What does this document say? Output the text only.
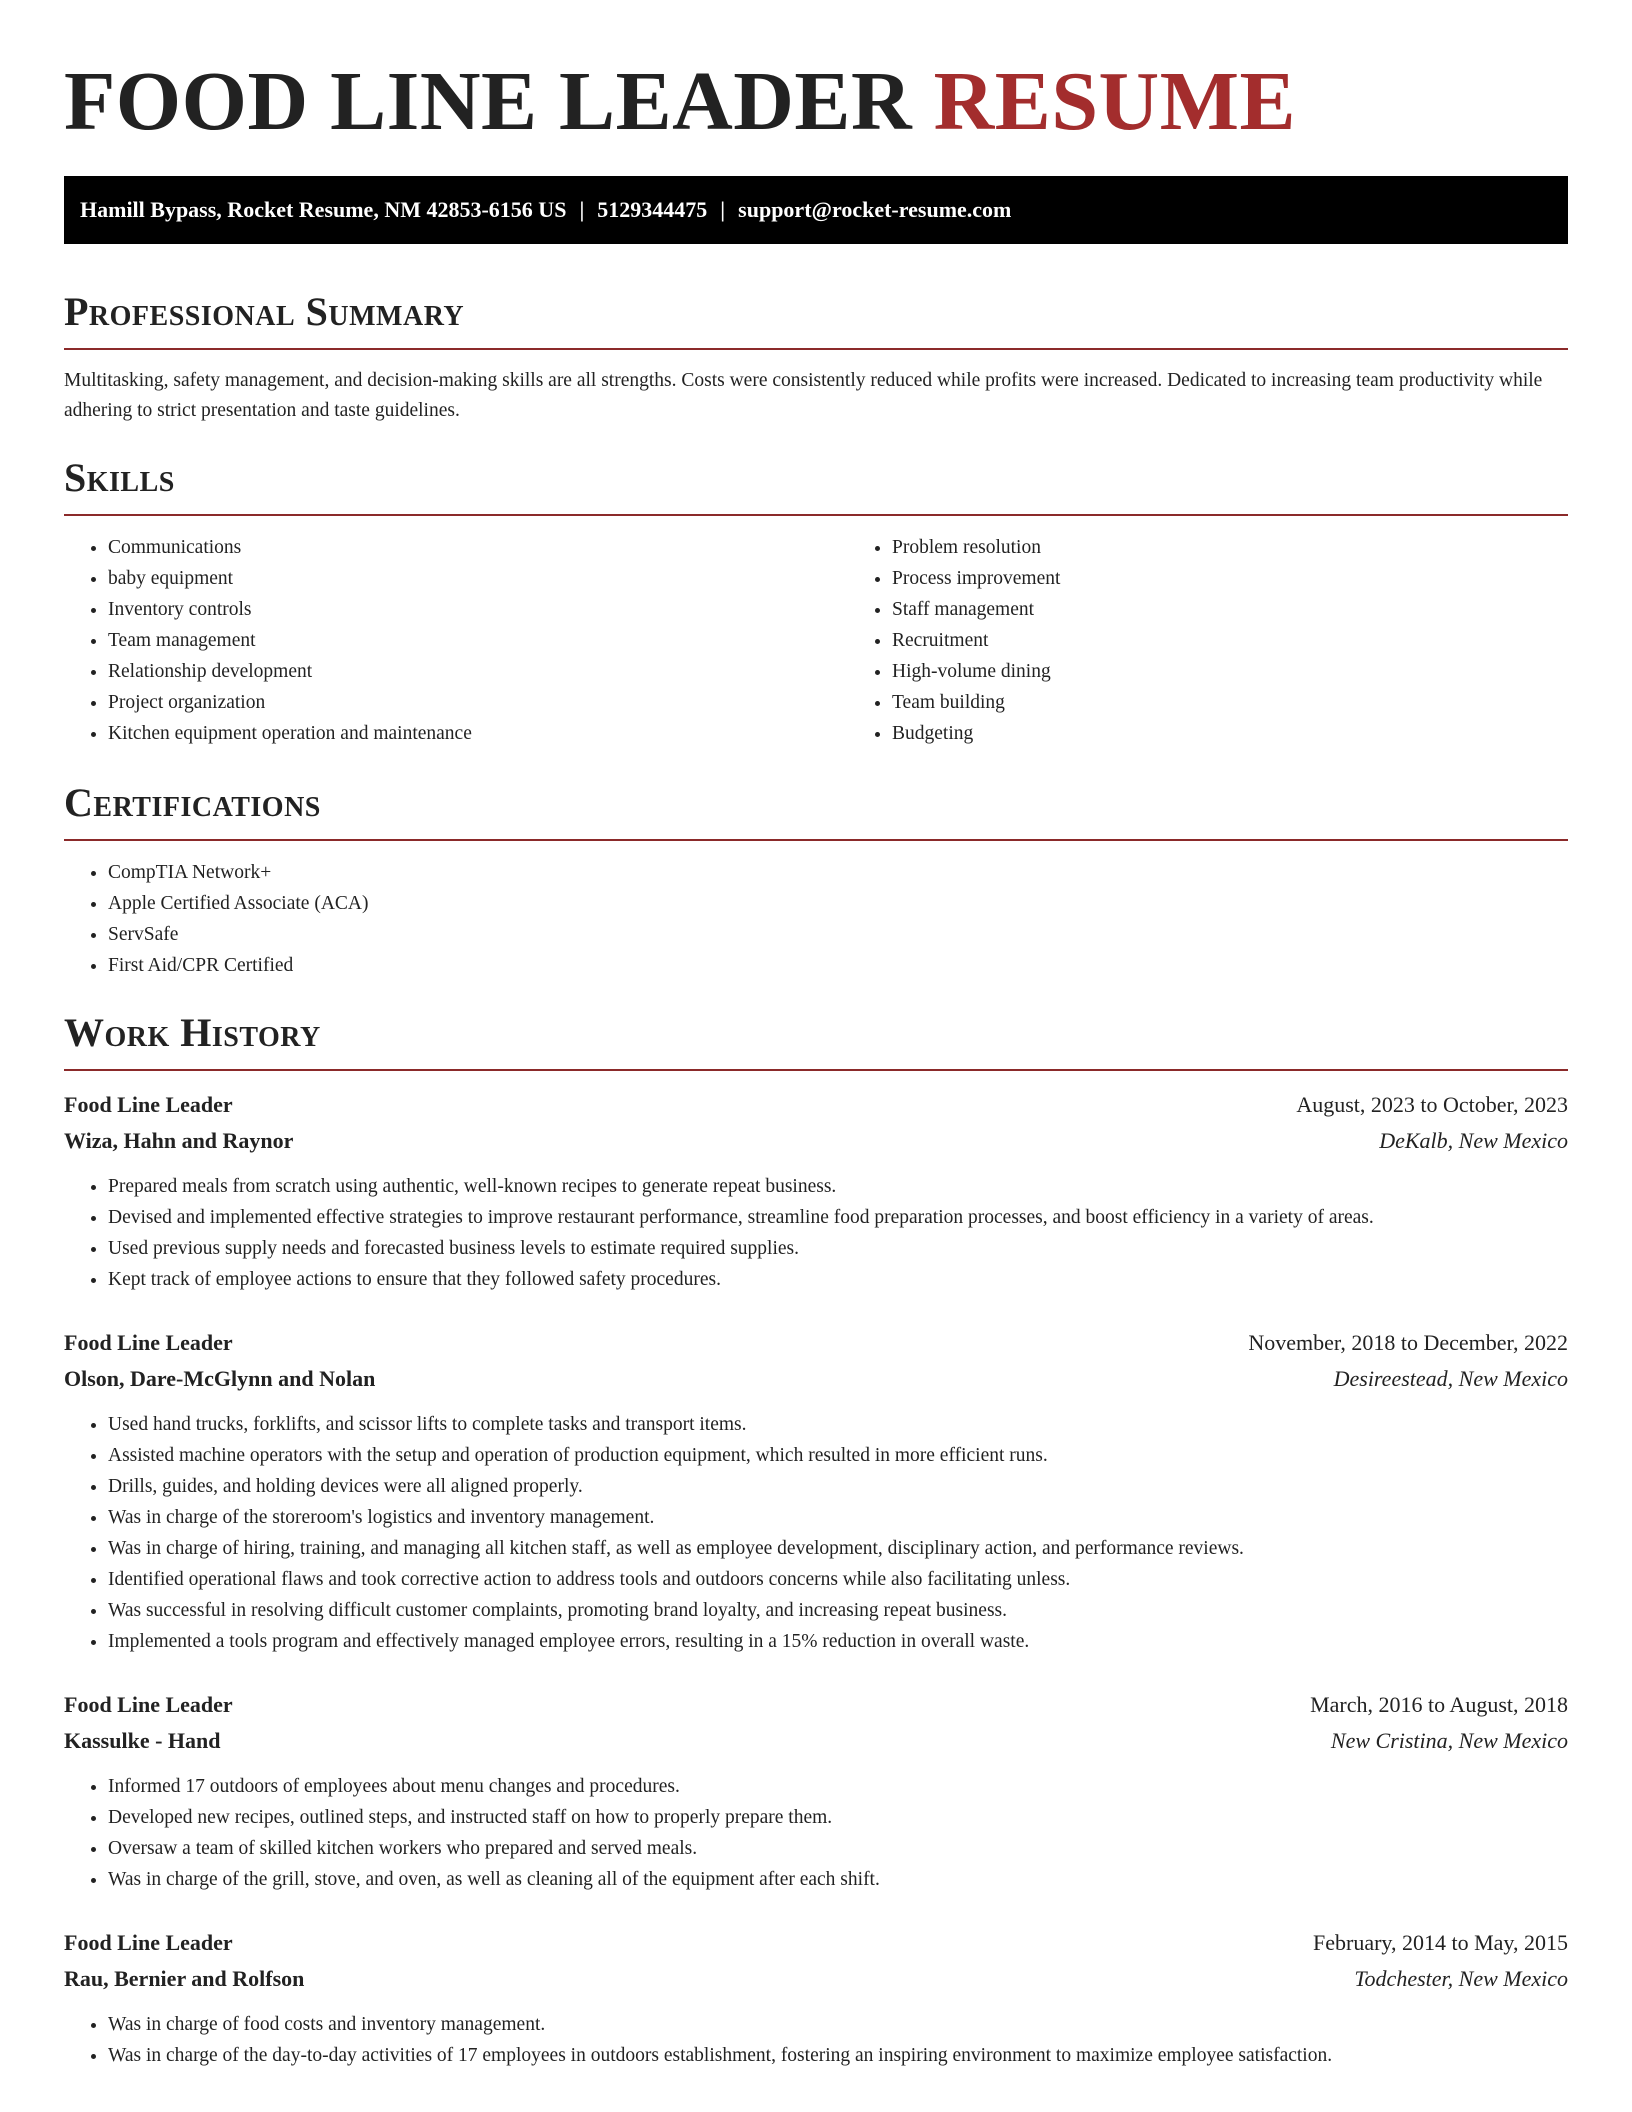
FOOD LINE LEADER RESUME
Hamill Bypass, Rocket Resume, NM 42853-6156 US | 5129344475 | support@rocket-resume.com
Professional Summary

Multitasking, safety management, and decision-making skills are all strengths. Costs were consistently reduced while profits were increased. Dedicated to increasing team productivity while adhering to strict presentation and taste guidelines.

Skills
• Communications
• baby equipment
• Inventory controls
• Team management
• Relationship development
• Project organization
• Kitchen equipment operation and maintenance
• Problem resolution
• Process improvement
• Staff management
• Recruitment
• High-volume dining
• Team building
• Budgeting
Certifications
• CompTIA Network+
• Apple Certified Associate (ACA)
• ServSafe
• First Aid/CPR Certified
Work History
Food Line Leader	August, 2023 to October, 2023
Wiza, Hahn and Raynor	DeKalb, New Mexico
• Prepared meals from scratch using authentic, well-known recipes to generate repeat business.
• Devised and implemented effective strategies to improve restaurant performance, streamline food preparation processes, and boost efficiency in a variety of areas.
• Used previous supply needs and forecasted business levels to estimate required supplies.
• Kept track of employee actions to ensure that they followed safety procedures.
Food Line Leader	November, 2018 to December, 2022
Olson, Dare-McGlynn and Nolan	Desireestead, New Mexico
• Used hand trucks, forklifts, and scissor lifts to complete tasks and transport items.
• Assisted machine operators with the setup and operation of production equipment, which resulted in more efficient runs.
• Drills, guides, and holding devices were all aligned properly.
• Was in charge of the storeroom's logistics and inventory management.
• Was in charge of hiring, training, and managing all kitchen staff, as well as employee development, disciplinary action, and performance reviews.
• Identified operational flaws and took corrective action to address tools and outdoors concerns while also facilitating unless.
• Was successful in resolving difficult customer complaints, promoting brand loyalty, and increasing repeat business.
• Implemented a tools program and effectively managed employee errors, resulting in a 15% reduction in overall waste.
Food Line Leader	March, 2016 to August, 2018
Kassulke - Hand	New Cristina, New Mexico
• Informed 17 outdoors of employees about menu changes and procedures.
• Developed new recipes, outlined steps, and instructed staff on how to properly prepare them.
• Oversaw a team of skilled kitchen workers who prepared and served meals.
• Was in charge of the grill, stove, and oven, as well as cleaning all of the equipment after each shift.
Food Line Leader	February, 2014 to May, 2015
Rau, Bernier and Rolfson	Todchester, New Mexico
• Was in charge of food costs and inventory management.
• Was in charge of the day-to-day activities of 17 employees in outdoors establishment, fostering an inspiring environment to maximize employee satisfaction.
